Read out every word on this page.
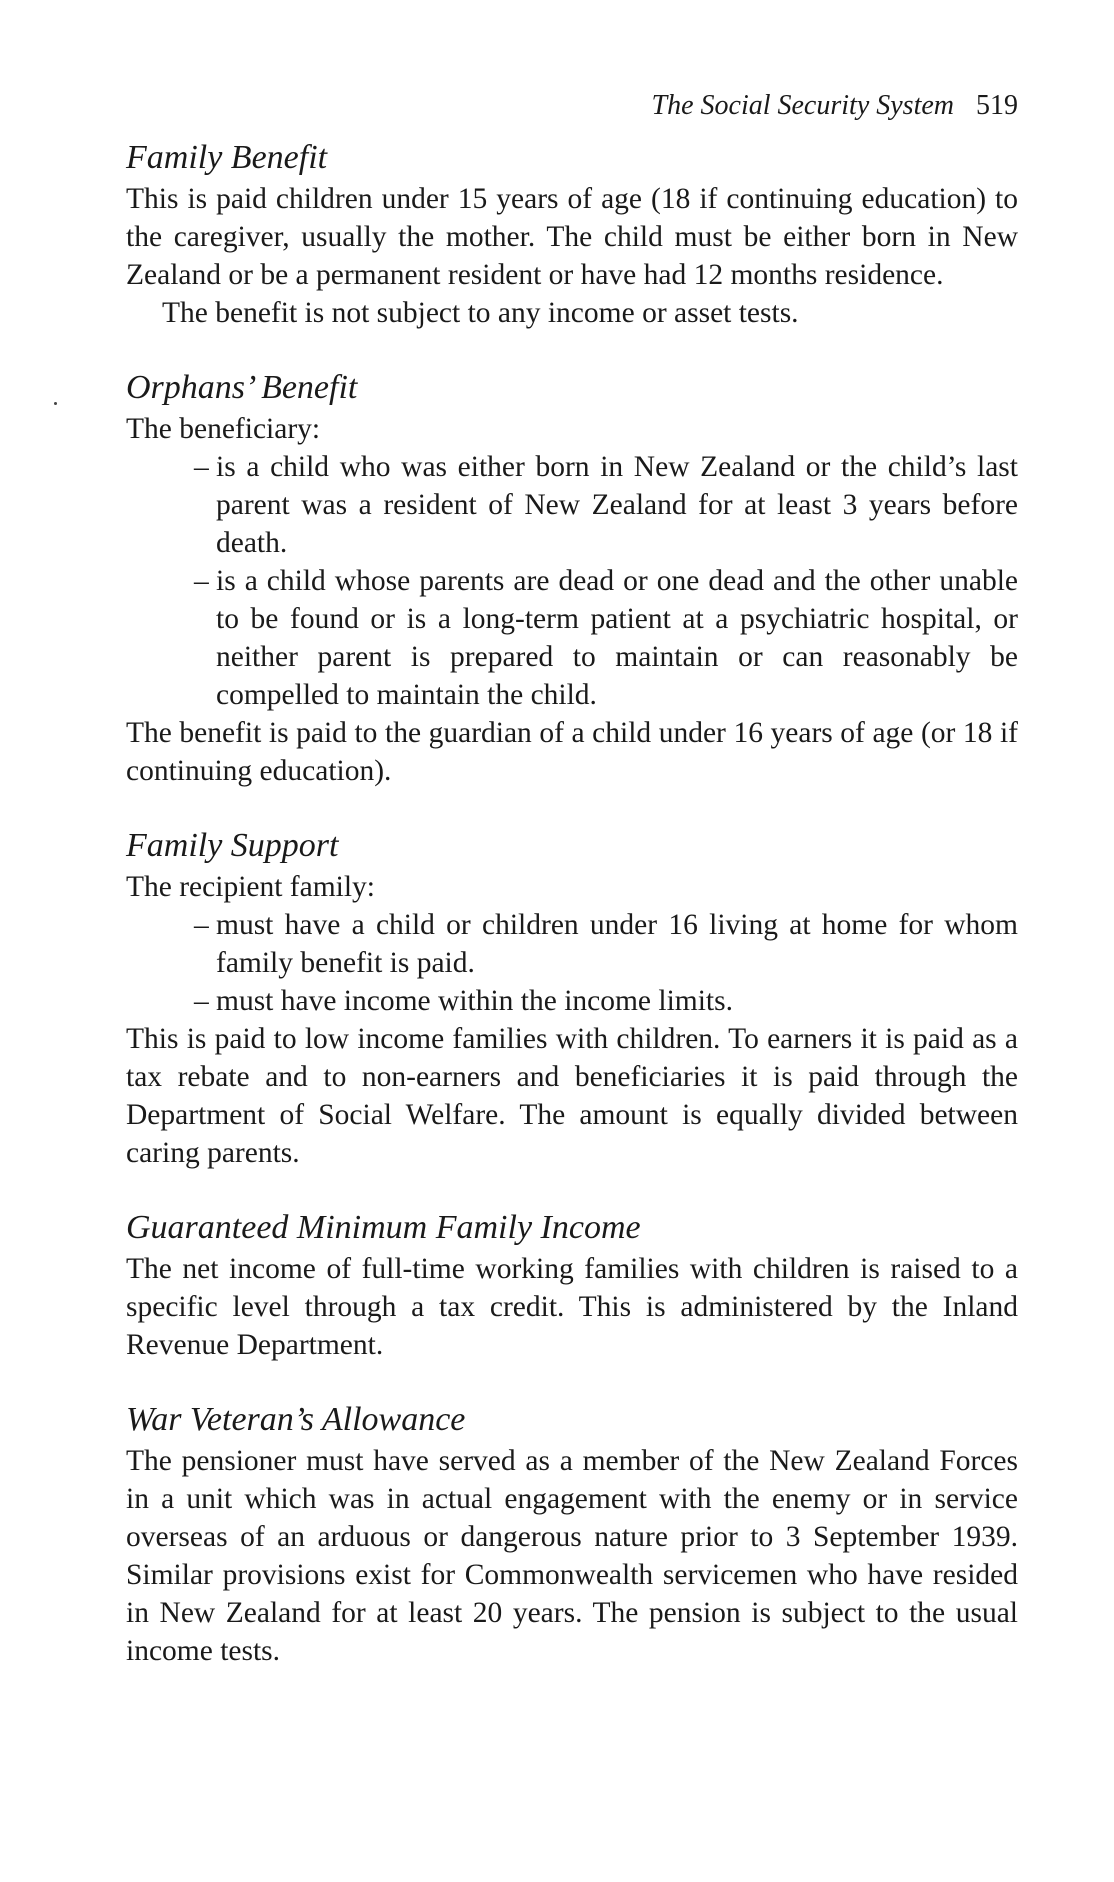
The Social Security System 519
Family Benefit

This is paid children under 15 years of age (18 if continuing education) to the caregiver, usually the mother. The child must be either born in New Zealand or be a permanent resident or have had 12 months residence.

The benefit is not subject to any income or asset tests.

Orphans’ Benefit

The beneficiary:

– is a child who was either born in New Zealand or the child’s last parent was a resident of New Zealand for at least 3 years before death.
– is a child whose parents are dead or one dead and the other unable to be found or is a long-term patient at a psychiatric hospital, or neither parent is prepared to maintain or can reasonably be compelled to maintain the child.

The benefit is paid to the guardian of a child under 16 years of age (or 18 if continuing education).

Family Support

The recipient family:

– must have a child or children under 16 living at home for whom family benefit is paid.
– must have income within the income limits.

This is paid to low income families with children. To earners it is paid as a tax rebate and to non-earners and beneficiaries it is paid through the Department of Social Welfare. The amount is equally divided between caring parents.

Guaranteed Minimum Family Income

The net income of full-time working families with children is raised to a specific level through a tax credit. This is administered by the Inland Revenue Department.

War Veteran’s Allowance

The pensioner must have served as a member of the New Zealand Forces in a unit which was in actual engagement with the enemy or in service overseas of an arduous or dangerous nature prior to 3 September 1939. Similar provisions exist for Commonwealth servicemen who have resided in New Zealand for at least 20 years. The pension is subject to the usual income tests.
